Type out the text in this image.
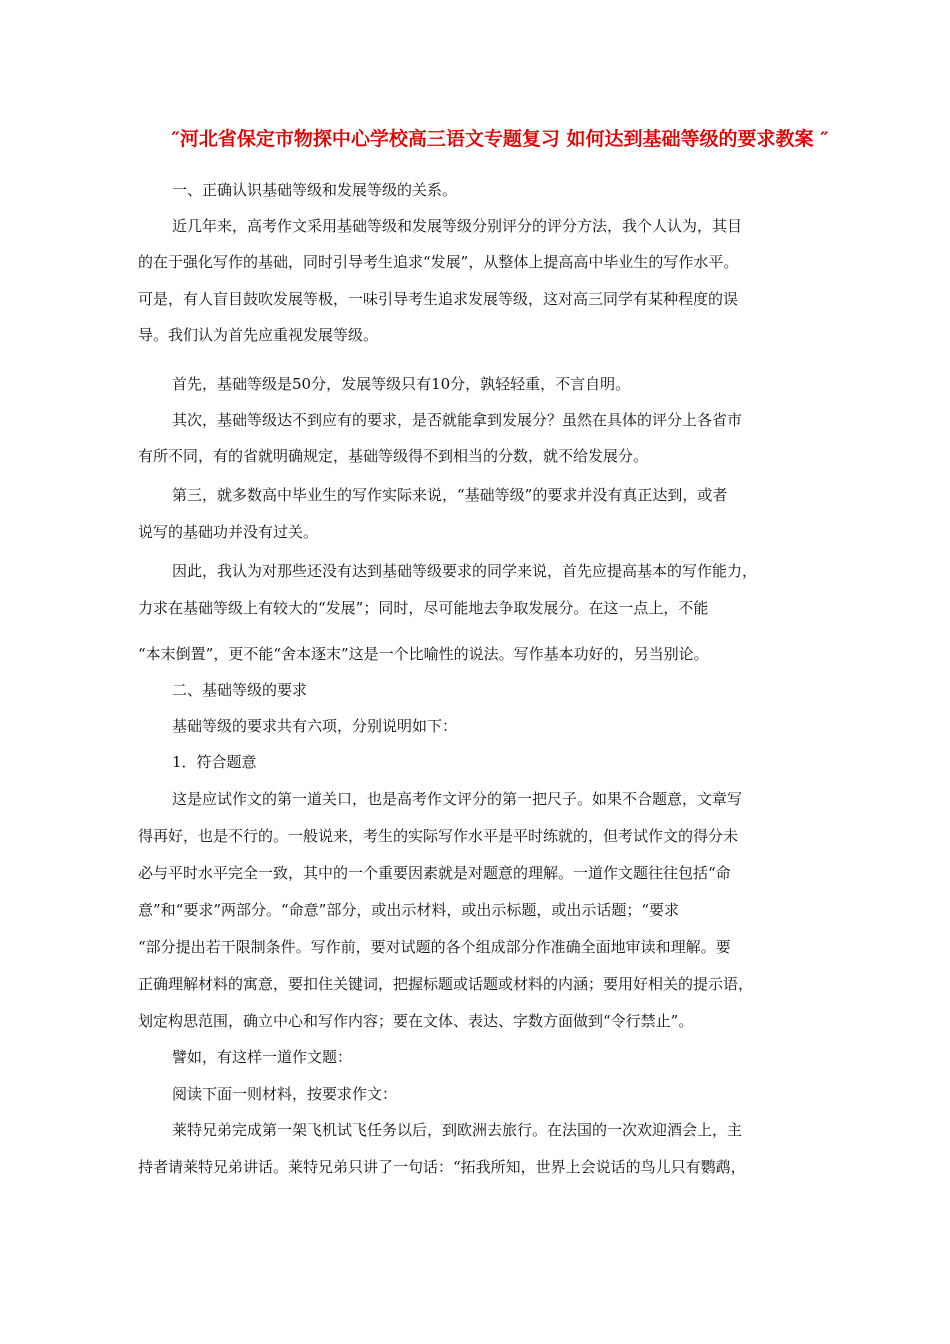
″河北省保定市物探中心学校高三语文专题复习 如何达到基础等级的要求教案 ″
一、正确认识基础等级和发展等级的关系。
近几年来，高考作文采用基础等级和发展等级分别评分的评分方法，我个人认为，其目
的在于强化写作的基础，同时引导考生追求“发展”，从整体上提高高中毕业生的写作水平。
可是，有人盲目鼓吹发展等极，一味引导考生追求发展等级，这对高三同学有某种程度的误
导。我们认为首先应重视发展等级。
首先，基础等级是50分，发展等级只有10分，孰轻轻重，不言自明。
其次，基础等级达不到应有的要求，是否就能拿到发展分？虽然在具体的评分上各省市
有所不同，有的省就明确规定，基础等级得不到相当的分数，就不给发展分。
第三，就多数高中毕业生的写作实际来说，“基础等级”的要求并没有真正达到，或者
说写的基础功并没有过关。
因此，我认为对那些还没有达到基础等级要求的同学来说，首先应提高基本的写作能力，
力求在基础等级上有较大的“发展”；同时，尽可能地去争取发展分。在这一点上，不能
“本末倒置”，更不能“舍本逐末”这是一个比喻性的说法。写作基本功好的，另当别论。
二、基础等级的要求
基础等级的要求共有六项，分别说明如下：
1．符合题意
这是应试作文的第一道关口，也是高考作文评分的第一把尺子。如果不合题意，文章写
得再好，也是不行的。一般说来，考生的实际写作水平是平时练就的，但考试作文的得分未
必与平时水平完全一致，其中的一个重要因素就是对题意的理解。一道作文题往往包括“命
意”和“要求”两部分。“命意”部分，或出示材料，或出示标题，或出示话题；“要求
“部分提出若干限制条件。写作前，要对试题的各个组成部分作准确全面地审读和理解。要
正确理解材料的寓意，要扣住关键词，把握标题或话题或材料的内涵；要用好相关的提示语，
划定构思范围，确立中心和写作内容；要在文体、表达、字数方面做到“令行禁止”。
譬如，有这样一道作文题：
阅读下面一则材料，按要求作文：
莱特兄弟完成第一架飞机试飞任务以后，到欧洲去旅行。在法国的一次欢迎酒会上，主
持者请莱特兄弟讲话。莱特兄弟只讲了一句话：“拓我所知，世界上会说话的鸟儿只有鹦鹉，
